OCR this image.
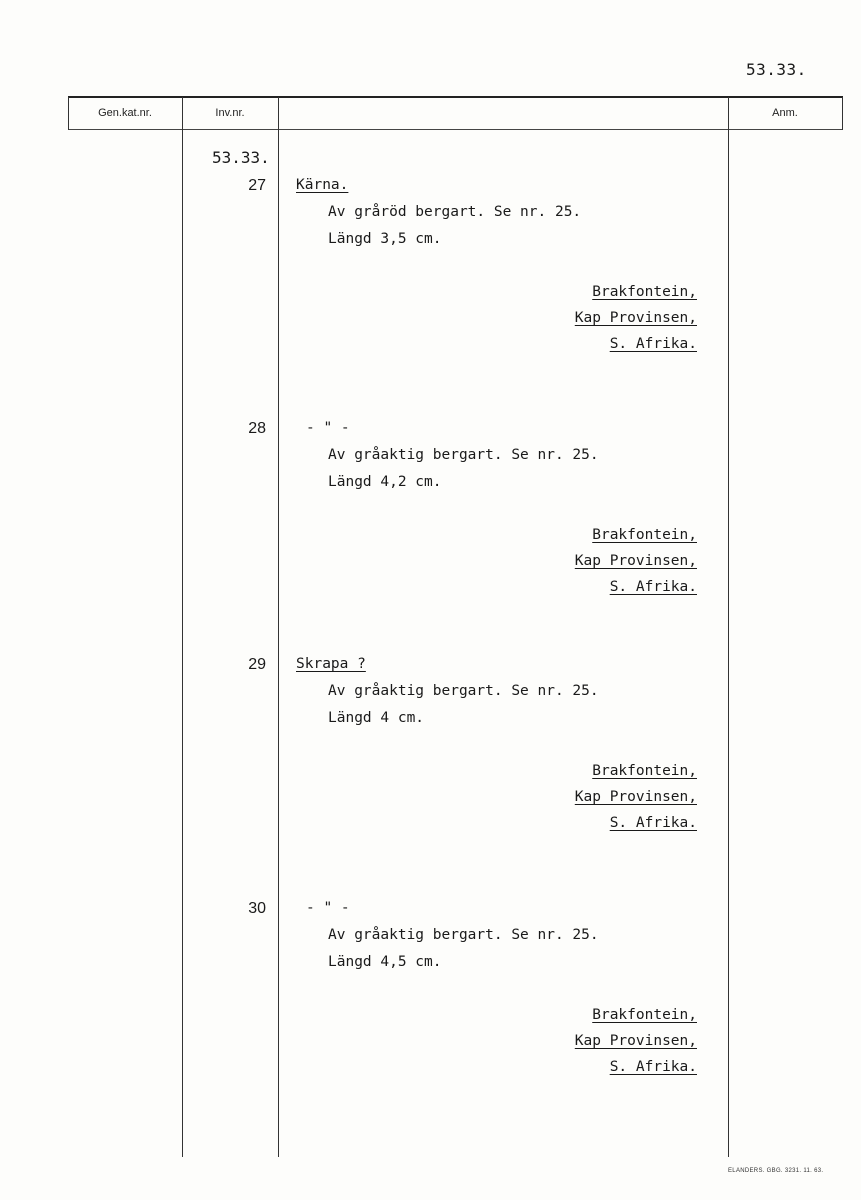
53.33.
Gen.kat.nr.	Inv.nr.	Anm.
53.33.
27 Kärna.
Av gråröd bergart. Se nr. 25.
Längd 3,5 cm.
Brakfontein,
Kap Provinsen,
S. Afrika.
28	- " -
Av gråaktig bergart. Se nr. 25.
Längd 4,2 cm.
Brakfontein,
Kap Provinsen,
S. Afrika.
29 Skrapa ?
Av gråaktig bergart. Se nr. 25.
Längd 4 cm.
Brakfontein,
Kap Provinsen,
S. Afrika.
30	- " -
Av gråaktig bergart. Se nr. 25.
Längd 4,5 cm.
Brakfontein,
Kap Provinsen,
S. Afrika.
ELANDERS. GBG. 3231. 11. 63.
